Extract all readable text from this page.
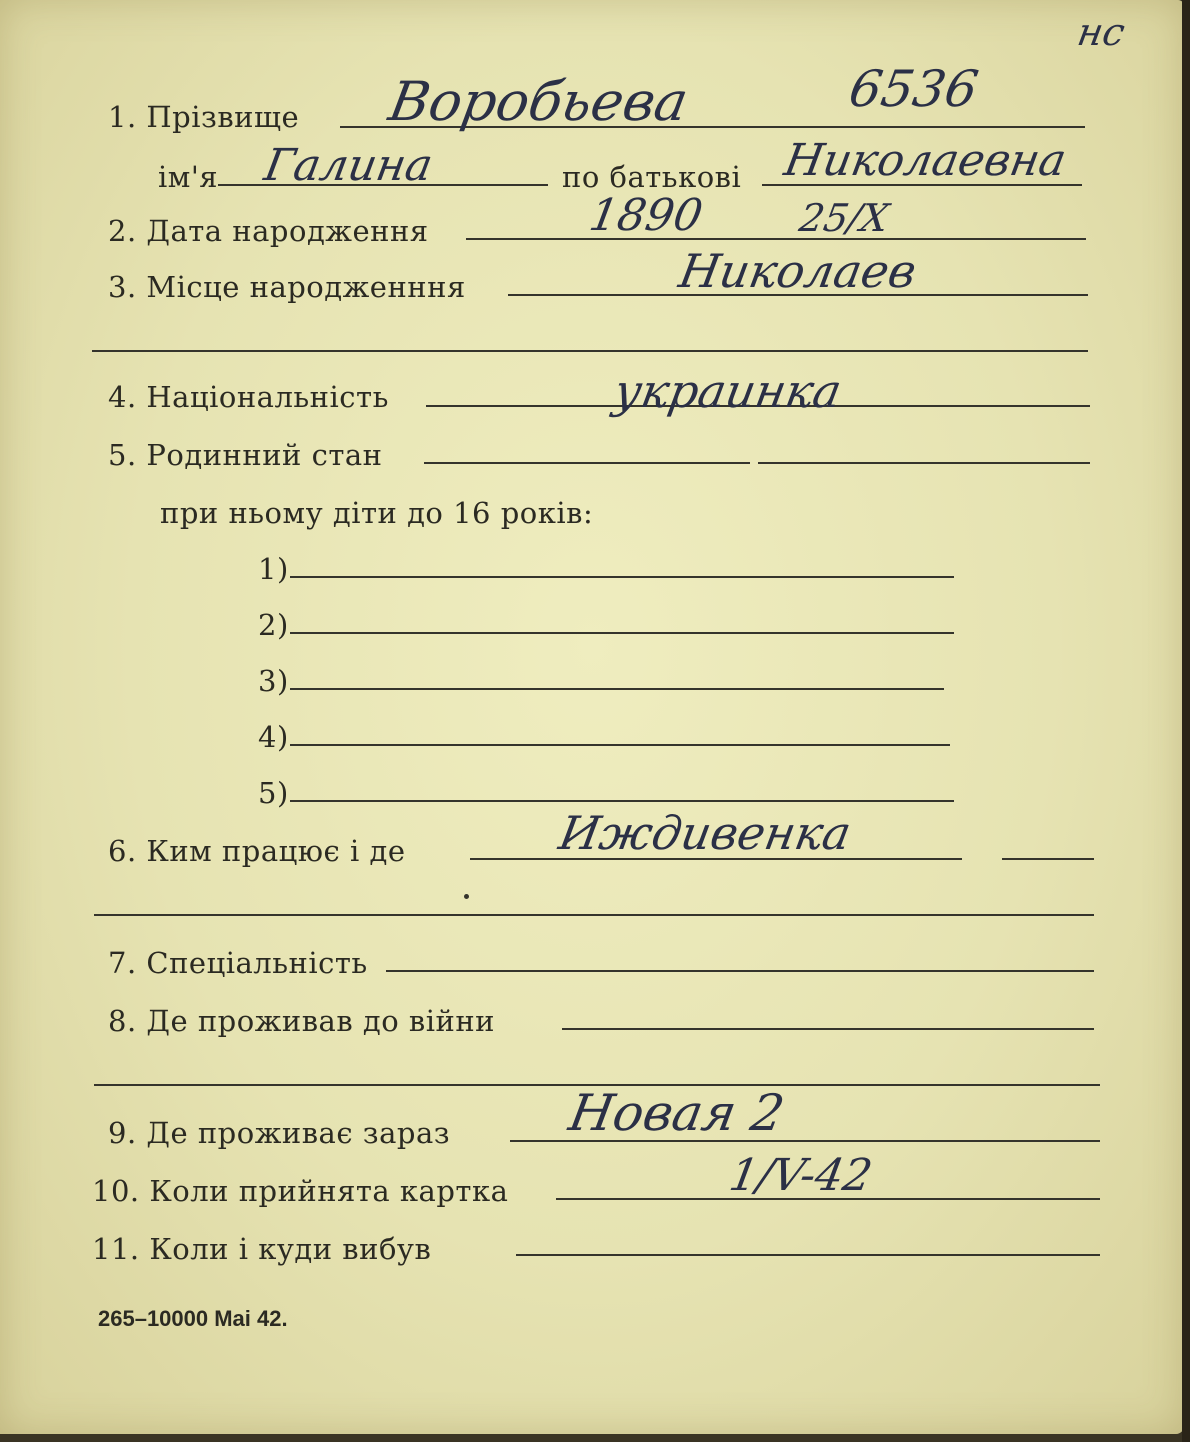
нс
1. Прізвище Воробьева	6536
ім'я Галина	по батькові Николаевна
2. Дата народження	1890 25/X
3. Місце народженння	Николаев
4. Національність	украинка
5. Родинний стан
при ньому діти до 16 років:
1)
2)
3)
4)
5)
6. Ким працює і де	Иждивенка
7. Спеціальність
8. Де проживав до війни
9. Де проживає зараз Новая 2
10. Коли прийнята картка	1/V-42
11. Коли і куди вибув
265–10000 Mai 42.
